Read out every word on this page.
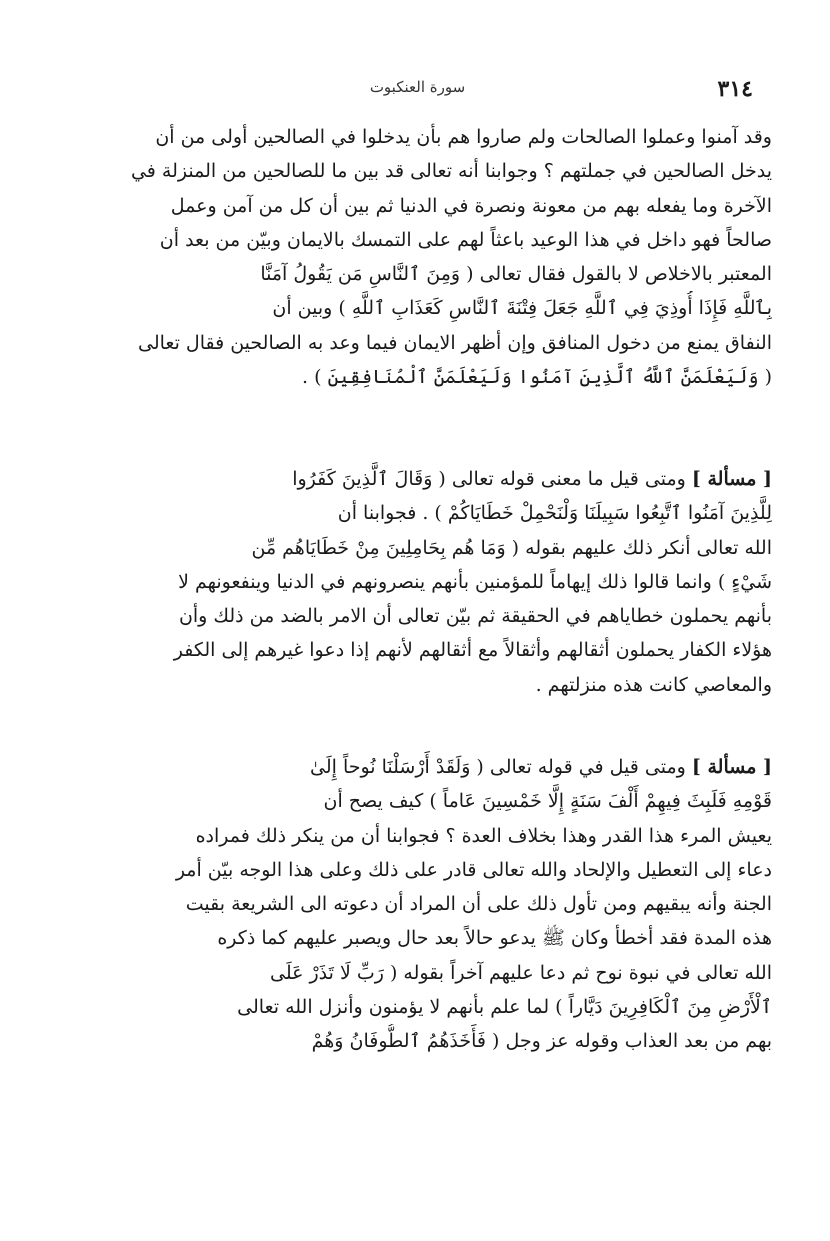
٣١٤
سورة العنكبوت
وقد آمنوا وعملوا الصالحات ولم صاروا هم بأن يدخلوا في الصالحين أولى من أن
يدخل الصالحين في جملتهم ؟ وجوابنا أنه تعالى قد بين ما للصالحين من المنزلة في
الآخرة وما يفعله بهم من معونة ونصرة في الدنيا ثم بين أن كل من آمن وعمل
صالحاً فهو داخل في هذا الوعيد باعثاً لهم على التمسك بالايمان وبيّن من بعد أن
المعتبر بالاخلاص لا بالقول فقال تعالى ( وَمِنَ ٱلنَّاسِ مَن يَقُولُ آمَنَّا
بِٱللَّهِ فَإِذَا أُوذِيَ فِي ٱللَّهِ جَعَلَ فِتْنَةَ ٱلنَّاسِ كَعَذَابِ ٱللَّهِ ) وبين أن
النفاق يمنع من دخول المنافق وإن أظهر الايمان فيما وعد به الصالحين فقال تعالى
( وَلَيَعْلَمَنَّ ٱللَّهُ ٱلَّذِينَ آمَنُوا وَلَيَعْلَمَنَّ ٱلْمُنَافِقِينَ ) .
[ مسألة ] ومتى قيل ما معنى قوله تعالى ( وَقَالَ ٱلَّذِينَ كَفَرُوا
لِلَّذِينَ آمَنُوا ٱتَّبِعُوا سَبِيلَنَا وَلْنَحْمِلْ خَطَايَاكُمْ ) . فجوابنا أن
الله تعالى أنكر ذلك عليهم بقوله ( وَمَا هُم بِحَامِلِينَ مِنْ خَطَايَاهُم مِّن
شَيْءٍ ) وانما قالوا ذلك إيهاماً للمؤمنين بأنهم ينصرونهم في الدنيا وينفعونهم لا
بأنهم يحملون خطاياهم في الحقيقة ثم بيّن تعالى أن الامر بالضد من ذلك وأن
هؤلاء الكفار يحملون أثقالهم وأثقالاً مع أثقالهم لأنهم إذا دعوا غيرهم إلى الكفر
والمعاصي كانت هذه منزلتهم .
[ مسألة ] ومتى قيل في قوله تعالى ( وَلَقَدْ أَرْسَلْنَا نُوحاً إِلَىٰ
قَوْمِهِ فَلَبِثَ فِيهِمْ أَلْفَ سَنَةٍ إِلَّا خَمْسِينَ عَاماً ) كيف يصح أن
يعيش المرء هذا القدر وهذا بخلاف العدة ؟ فجوابنا أن من ينكر ذلك فمراده
دعاء إلى التعطيل والإلحاد والله تعالى قادر على ذلك وعلى هذا الوجه بيّن أمر
الجنة وأنه يبقيهم ومن تأول ذلك على أن المراد أن دعوته الى الشريعة بقيت
هذه المدة فقد أخطأ وكان ﷺ يدعو حالاً بعد حال ويصبر عليهم كما ذكره
الله تعالى في نبوة نوح ثم دعا عليهم آخراً بقوله ( رَبِّ لَا تَذَرْ عَلَى
ٱلْأَرْضِ مِنَ ٱلْكَافِرِينَ دَيَّاراً ) لما علم بأنهم لا يؤمنون وأنزل الله تعالى
بهم من بعد العذاب وقوله عز وجل ( فَأَخَذَهُمُ ٱلطُّوفَانُ وَهُمْ
